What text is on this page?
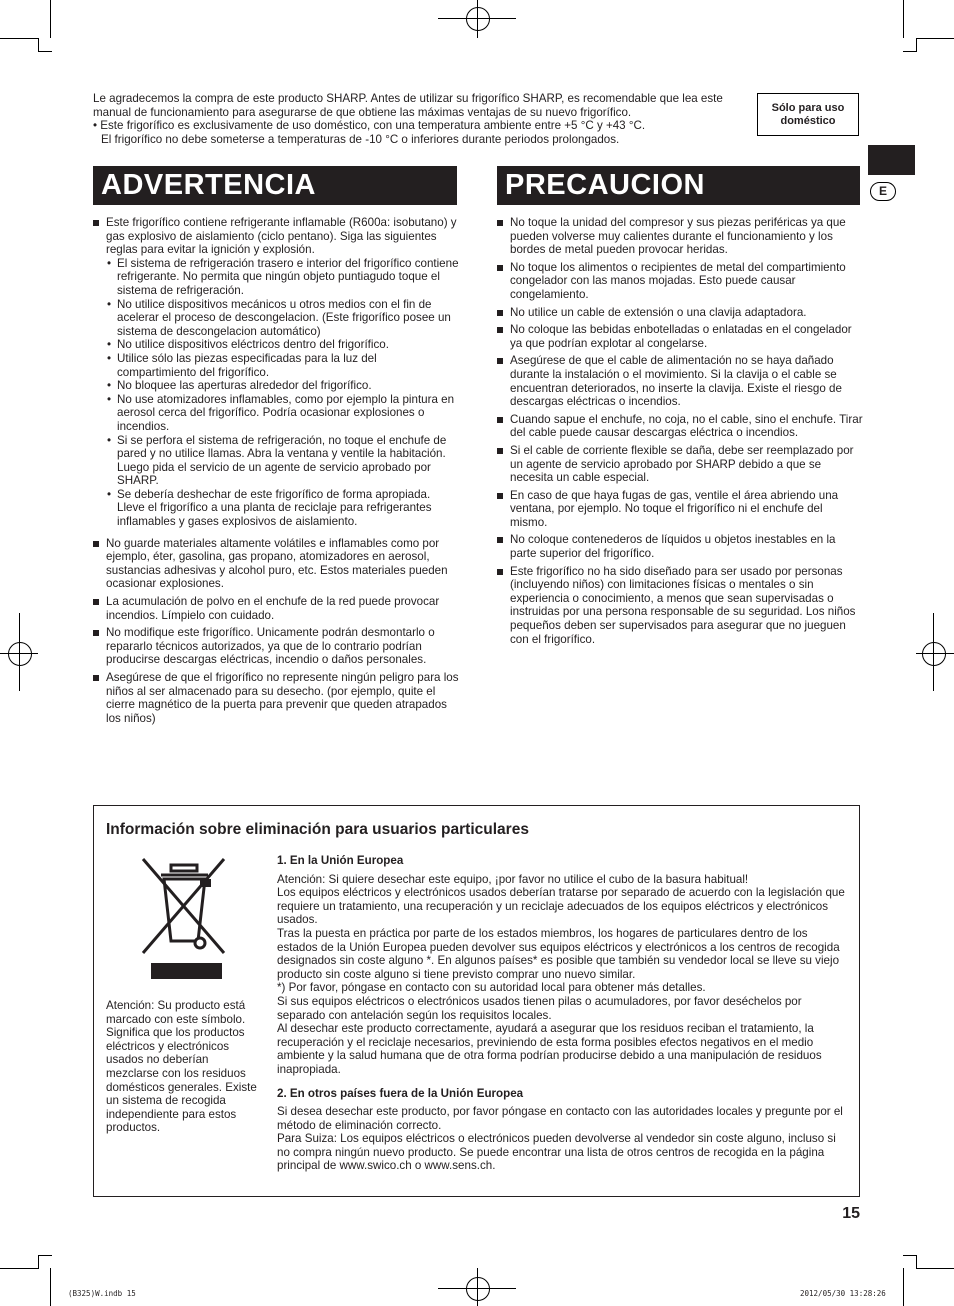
Le agradecemos la compra de este producto SHARP. Antes de utilizar su frigorífico SHARP, es recomendable que lea este manual de funcionamiento para asegurarse de que obtiene las máximas ventajas de su nuevo frigorífico.

• Este frigorífico es exclusivamente de uso doméstico, con una temperatura ambiente entre +5 °C y +43 °C.

El frigorífico no debe someterse a temperaturas de -10 °C o inferiores durante periodos prolongados.

Sólo para uso doméstico
E
ADVERTENCIA
Este frigorífico contiene refrigerante inflamable (R600a: isobutano) y gas explosivo de aislamiento (ciclo pentano). Siga las siguientes reglas para evitar la ignición y explosión.
• El sistema de refrigeración trasero e interior del frigorífico contiene refrigerante. No permita que ningún objeto puntiagudo toque el sistema de refrigeración.
• No utilice dispositivos mecánicos u otros medios con el fin de acelerar el proceso de descongelacion. (Este frigorífico posee un sistema de descongelacion automático)
• No utilice dispositivos eléctricos dentro del frigorífico.
• Utilice sólo las piezas especificadas para la luz del compartimiento del frigorífico.
• No bloquee las aperturas alrededor del frigorífico.
• No use atomizadores inflamables, como por ejemplo la pintura en aerosol cerca del frigorífico. Podría ocasionar explosiones o incendios.
• Si se perfora el sistema de refrigeración, no toque el enchufe de pared y no utilice llamas. Abra la ventana y ventile la habitación. Luego pida el servicio de un agente de servicio aprobado por SHARP.
• Se debería deshechar de este frigorífico de forma apropiada. Lleve el frigorífico a una planta de reciclaje para refrigerantes inflamables y gases explosivos de aislamiento.
No guarde materiales altamente volátiles e inflamables como por ejemplo, éter, gasolina, gas propano, atomizadores en aerosol, sustancias adhesivas y alcohol puro, etc. Estos materiales pueden ocasionar explosiones.
La acumulación de polvo en el enchufe de la red puede provocar incendios. Límpielo con cuidado.
No modifique este frigorífico. Unicamente podrán desmontarlo o repararlo técnicos autorizados, ya que de lo contrario podrían producirse descargas eléctricas, incendio o daños personales.
Asegúrese de que el frigorífico no represente ningún peligro para los niños al ser almacenado para su desecho. (por ejemplo, quite el cierre magnético de la puerta para prevenir que queden atrapados los niños)
PRECAUCION
No toque la unidad del compresor y sus piezas periféricas ya que pueden volverse muy calientes durante el funcionamiento y los bordes de metal pueden provocar heridas.
No toque los alimentos o recipientes de metal del compartimiento congelador con las manos mojadas. Esto puede causar congelamiento.
No utilice un cable de extensión o una clavija adaptadora.
No coloque las bebidas enbotelladas o enlatadas en el congelador ya que podrían explotar al congelarse.
Asegúrese de que el cable de alimentación no se haya dañado durante la instalación o el movimiento. Si la clavija o el cable se encuentran deteriorados, no inserte la clavija. Existe el riesgo de descargas eléctricas o incendios.
Cuando sapue el enchufe, no coja, no el cable, sino el enchufe. Tirar del cable puede causar descargas eléctrica o incendios.
Si el cable de corriente flexible se daña, debe ser reemplazado por un agente de servicio aprobado por SHARP debido a que se necesita un cable especial.
En caso de que haya fugas de gas, ventile el área abriendo una ventana, por ejemplo. No toque el frigorífico ni el enchufe del mismo.
No coloque contenederos de líquidos u objetos inestables en la parte superior del frigorífico.
Este frigorífico no ha sido diseñado para ser usado por personas (incluyendo niños) con limitaciones físicas o mentales o sin experiencia o conocimiento, a menos que sean supervisadas o instruidas por una persona responsable de su seguridad. Los niños pequeños deben ser supervisados para asegurar que no jueguen con el frigorífico.
Información sobre eliminación para usuarios particulares
Atención: Su producto está marcado con este símbolo. Significa que los productos eléctricos y electrónicos usados no deberían mezclarse con los residuos domésticos generales. Existe un sistema de recogida independiente para estos productos.
1. En la Unión Europea

Atención: Si quiere desechar este equipo, ¡por favor no utilice el cubo de la basura habitual!

Los equipos eléctricos y electrónicos usados deberían tratarse por separado de acuerdo con la legislación que requiere un tratamiento, una recuperación y un reciclaje adecuados de los equipos eléctricos y electrónicos usados.

Tras la puesta en práctica por parte de los estados miembros, los hogares de particulares dentro de los estados de la Unión Europea pueden devolver sus equipos eléctricos y electrónicos a los centros de recogida designados sin coste alguno *. En algunos países* es posible que también su vendedor local se lleve su viejo producto sin coste alguno si tiene previsto comprar uno nuevo similar.

*) Por favor, póngase en contacto con su autoridad local para obtener más detalles.

Si sus equipos eléctricos o electrónicos usados tienen pilas o acumuladores, por favor deséchelos por separado con antelación según los requisitos locales.

Al desechar este producto correctamente, ayudará a asegurar que los residuos reciban el tratamiento, la recuperación y el reciclaje necesarios, previniendo de esta forma posibles efectos negativos en el medio ambiente y la salud humana que de otra forma podrían producirse debido a una manipulación de residuos inapropiada.

2. En otros países fuera de la Unión Europea

Si desea desechar este producto, por favor póngase en contacto con las autoridades locales y pregunte por el método de eliminación correcto.

Para Suiza: Los equipos eléctricos o electrónicos pueden devolverse al vendedor sin coste alguno, incluso si no compra ningún nuevo producto. Se puede encontrar una lista de otros centros de recogida en la página principal de www.swico.ch o www.sens.ch.

15
(B325)W.indb 15	2012/05/30 13:28:26
